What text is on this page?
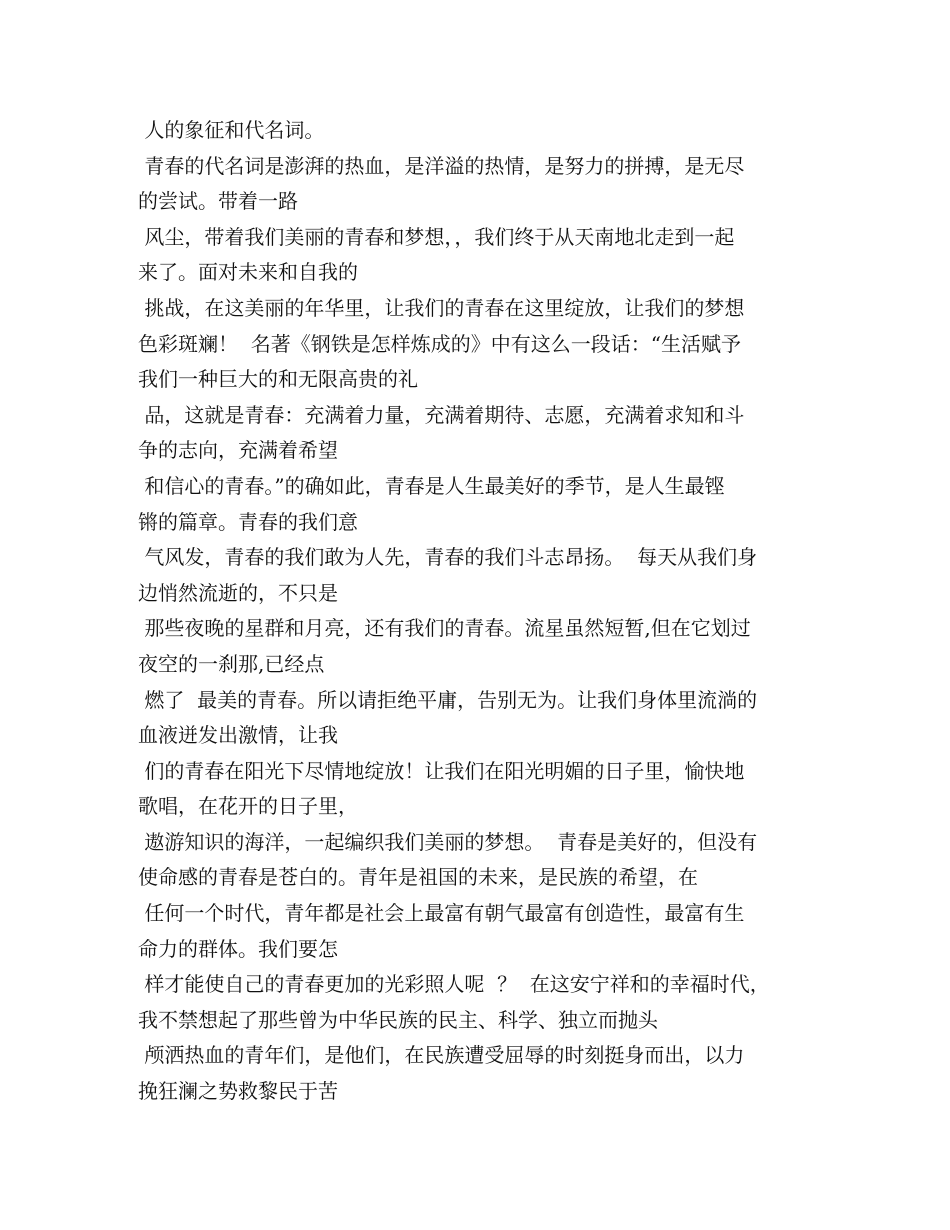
人的象征和代名词。
青春的代名词是澎湃的热血，是洋溢的热情，是努力的拼搏，是无尽
的尝试。带着一路
风尘，带着我们美丽的青春和梦想，，我们终于从天南地北走到一起
来了。面对未来和自我的
挑战，在这美丽的年华里，让我们的青春在这里绽放，让我们的梦想
色彩斑斓！  名著《钢铁是怎样炼成的》中有这么一段话：“生活赋予
我们一种巨大的和无限高贵的礼
品，这就是青春：充满着力量，充满着期待、志愿，充满着求知和斗
争的志向，充满着希望
和信心的青春。”的确如此，青春是人生最美好的季节，是人生最铿
锵的篇章。青春的我们意
气风发，青春的我们敢为人先，青春的我们斗志昂扬。  每天从我们身
边悄然流逝的，不只是
那些夜晚的星群和月亮，还有我们的青春。流星虽然短暂,但在它划过
夜空的一刹那,已经点
燃了  最美的青春。所以请拒绝平庸，告别无为。让我们身体里流淌的
血液迸发出激情，让我
们的青春在阳光下尽情地绽放！让我们在阳光明媚的日子里，愉快地
歌唱，在花开的日子里，
遨游知识的海洋，一起编织我们美丽的梦想。  青春是美好的，但没有
使命感的青春是苍白的。青年是祖国的未来，是民族的希望，在
任何一个时代，青年都是社会上最富有朝气最富有创造性，最富有生
命力的群体。我们要怎
样才能使自己的青春更加的光彩照人呢  ？  在这安宁祥和的幸福时代，
我不禁想起了那些曾为中华民族的民主、科学、独立而抛头
颅洒热血的青年们，是他们，在民族遭受屈辱的时刻挺身而出，以力
挽狂澜之势救黎民于苦
